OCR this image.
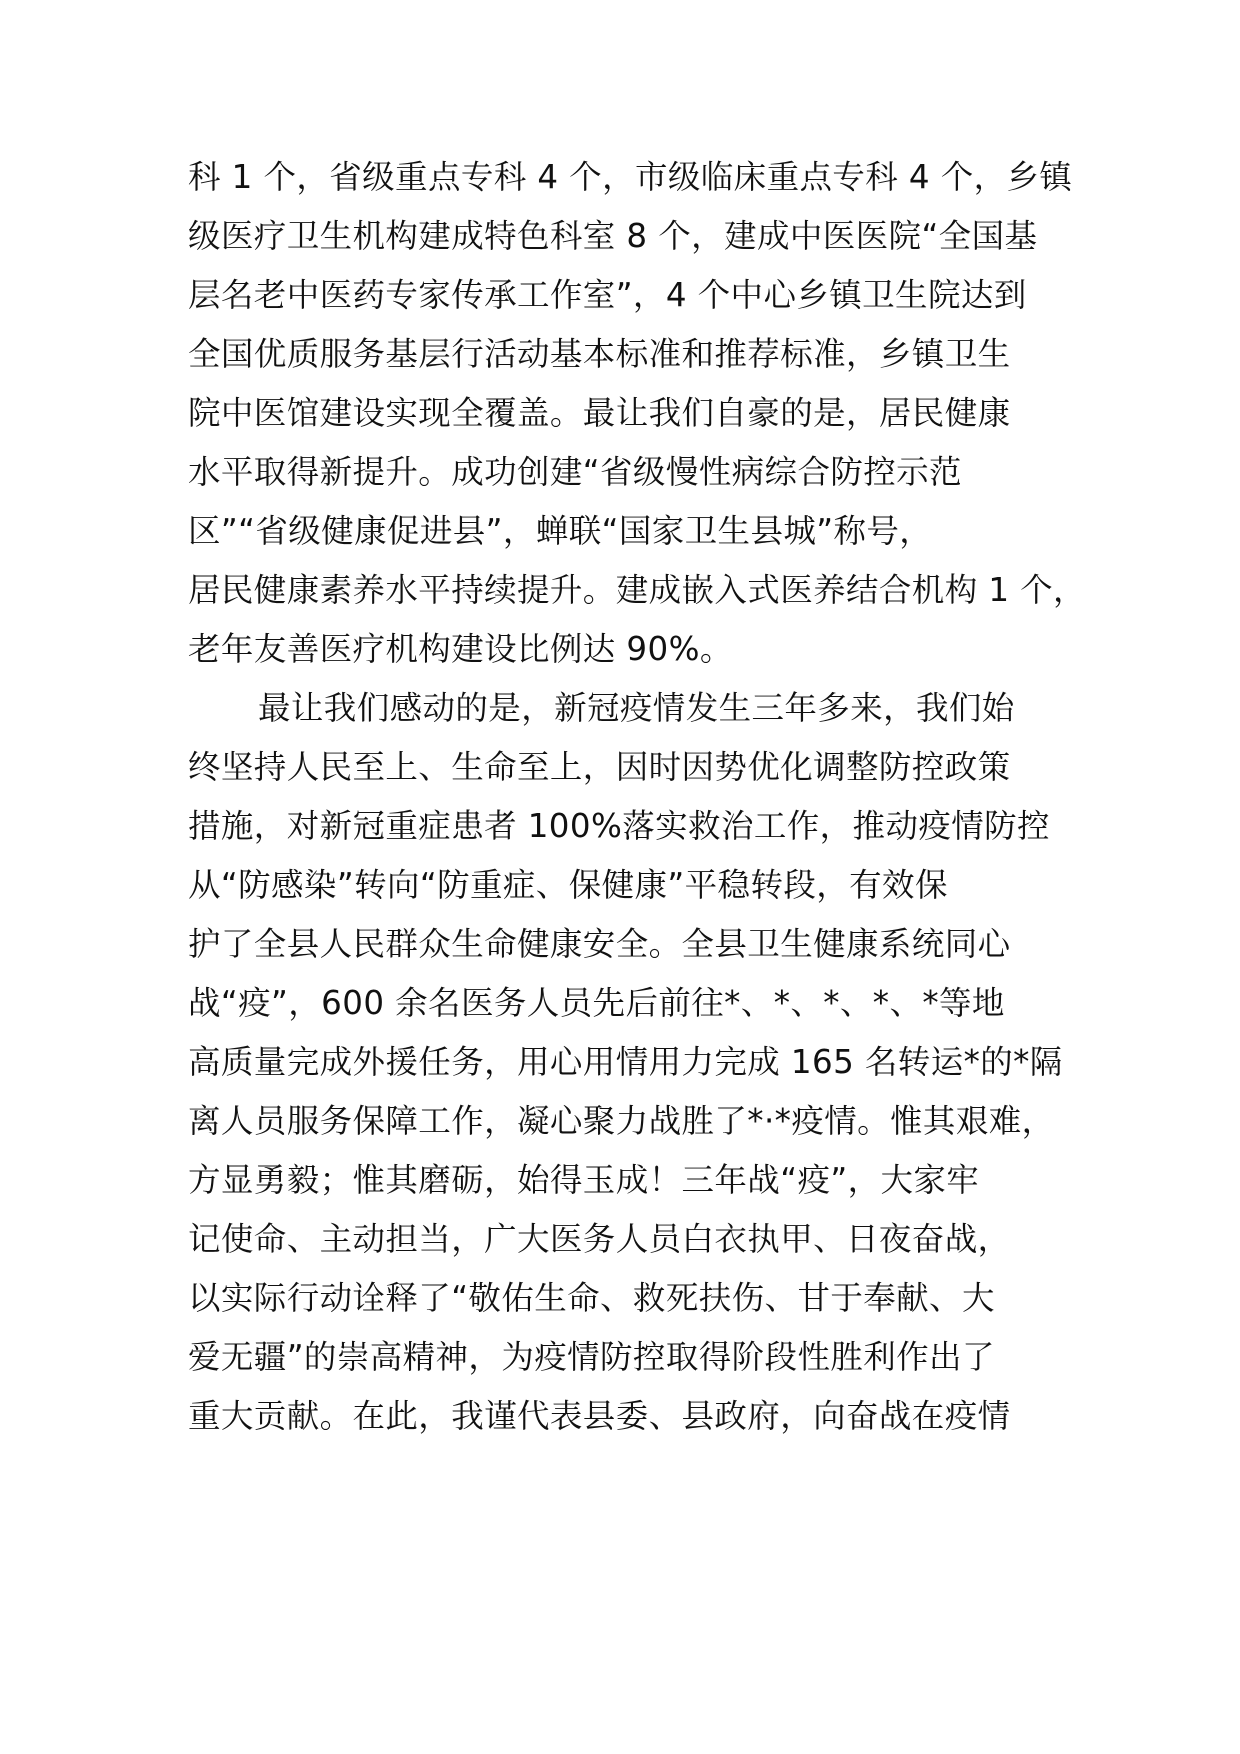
科 1 个，省级重点专科 4 个，市级临床重点专科 4 个，乡镇
级医疗卫生机构建成特色科室 8 个，建成中医医院“全国基
层名老中医药专家传承工作室”，4 个中心乡镇卫生院达到
全国优质服务基层行活动基本标准和推荐标准，乡镇卫生
院中医馆建设实现全覆盖。最让我们自豪的是，居民健康
水平取得新提升。成功创建“省级慢性病综合防控示范
区”“省级健康促进县”，蝉联“国家卫生县城”称号，
居民健康素养水平持续提升。建成嵌入式医养结合机构 1 个，
老年友善医疗机构建设比例达 90%。
最让我们感动的是，新冠疫情发生三年多来，我们始
终坚持人民至上、生命至上，因时因势优化调整防控政策
措施，对新冠重症患者 100%落实救治工作，推动疫情防控
从“防感染”转向“防重症、保健康”平稳转段，有效保
护了全县人民群众生命健康安全。全县卫生健康系统同心
战“疫”，600 余名医务人员先后前往*、*、*、*、*等地
高质量完成外援任务，用心用情用力完成 165 名转运*的*隔
离人员服务保障工作，凝心聚力战胜了*·*疫情。惟其艰难，
方显勇毅；惟其磨砺，始得玉成！三年战“疫”，大家牢
记使命、主动担当，广大医务人员白衣执甲、日夜奋战，
以实际行动诠释了“敬佑生命、救死扶伤、甘于奉献、大
爱无疆”的崇高精神，为疫情防控取得阶段性胜利作出了
重大贡献。在此，我谨代表县委、县政府，向奋战在疫情
